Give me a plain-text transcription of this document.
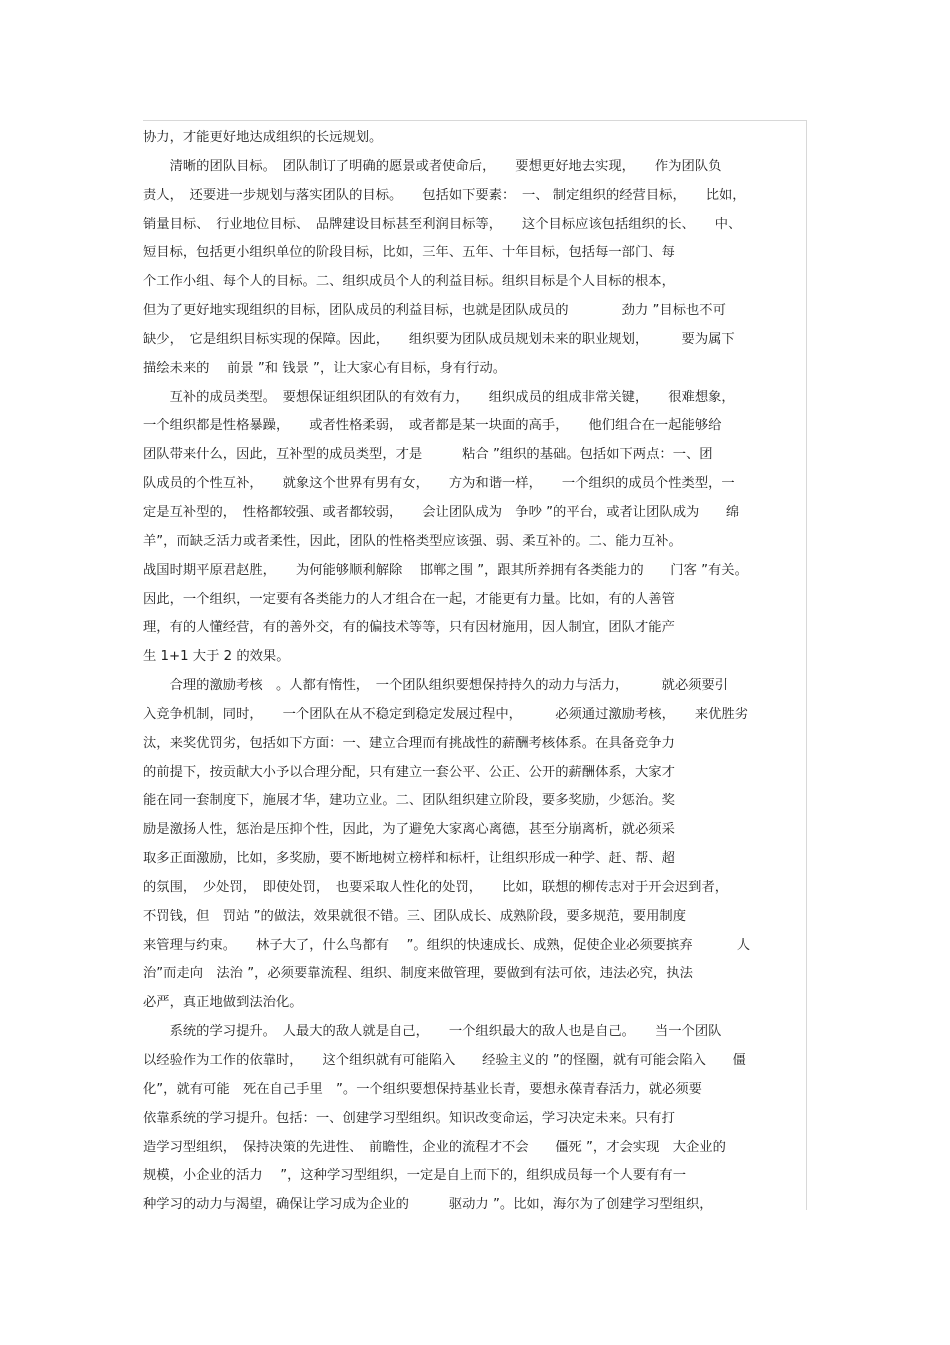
协力，才能更好地达成组织的长远规划。
　　清晰的团队目标。　团队制订了明确的愿景或者使命后，　　要想更好地去实现，　　作为团队负
责人，　还要进一步规划与落实团队的目标。　　包括如下要素：　一、 制定组织的经营目标，　　比如，
销量目标、　行业地位目标、　品牌建设目标甚至利润目标等，　　这个目标应该包括组织的长、　　中、
短目标，包括更小组织单位的阶段目标，比如，三年、五年、十年目标，包括每一部门、每
个工作小组、每个人的目标。二、组织成员个人的利益目标。组织目标是个人目标的根本，
但为了更好地实现组织的目标，团队成员的利益目标，也就是团队成员的　　　　劲力 ”目标也不可
缺少，　它是组织目标实现的保障。因此，　　组织要为团队成员规划未来的职业规划，　　　要为属下
描绘未来的　 前景 ”和 钱景 ”，让大家心有目标，身有行动。
　　互补的成员类型。　要想保证组织团队的有效有力，　　组织成员的组成非常关键，　　很难想象，
一个组织都是性格暴躁，　　或者性格柔弱，　或者都是某一块面的高手，　　他们组合在一起能够给
团队带来什么，因此，互补型的成员类型，才是　　　粘合 ”组织的基础。包括如下两点：一、团
队成员的个性互补，　　就象这个世界有男有女，　　方为和谐一样，　　一个组织的成员个性类型，一
定是互补型的，　性格都较强、或者都较弱，　　会让团队成为　争吵 ”的平台，或者让团队成为　　绵
羊”，而缺乏活力或者柔性，因此，团队的性格类型应该强、弱、柔互补的。二、能力互补。
战国时期平原君赵胜，　　为何能够顺利解除　 邯郸之围 ”，跟其所养拥有各类能力的　　门客 ”有关。
因此，一个组织，一定要有各类能力的人才组合在一起，才能更有力量。比如，有的人善管
理，有的人懂经营，有的善外交，有的偏技术等等，只有因材施用，因人制宜，团队才能产
生 1+1 大于 2 的效果。
　　合理的激励考核　。人都有惰性，　一个团队组织要想保持持久的动力与活力，　　　就必须要引
入竞争机制，同时，　　一个团队在从不稳定到稳定发展过程中，　　　必须通过激励考核，　　来优胜劣
汰，来奖优罚劣，包括如下方面：一、建立合理而有挑战性的薪酬考核体系。在具备竞争力
的前提下，按贡献大小予以合理分配，只有建立一套公平、公正、公开的薪酬体系，大家才
能在同一套制度下，施展才华，建功立业。二、团队组织建立阶段，要多奖励，少惩治。奖
励是激扬人性，惩治是压抑个性，因此，为了避免大家离心离德，甚至分崩离析，就必须采
取多正面激励，比如，多奖励，要不断地树立榜样和标杆，让组织形成一种学、赶、帮、超
的氛围，　少处罚，　即使处罚，　也要采取人性化的处罚，　　比如，联想的柳传志对于开会迟到者，
不罚钱，但　罚站 ”的做法，效果就很不错。三、团队成长、成熟阶段，要多规范，要用制度
来管理与约束。　　林子大了，什么鸟都有　 ”。组织的快速成长、成熟，促使企业必须要摈弃　　　 人
治”而走向　法治 ”，必须要靠流程、组织、制度来做管理，要做到有法可依，违法必究，执法
必严，真正地做到法治化。
　　系统的学习提升。　人最大的敌人就是自己，　　一个组织最大的敌人也是自己。　　当一个团队
以经验作为工作的依靠时，　　这个组织就有可能陷入　　经验主义的 ”的怪圈，就有可能会陷入　　僵
化”，就有可能　死在自己手里　”。一个组织要想保持基业长青，要想永葆青春活力，就必须要
依靠系统的学习提升。包括：一、创建学习型组织。知识改变命运，学习决定未来。只有打
造学习型组织，　保持决策的先进性、　前瞻性，企业的流程才不会　　僵死 ”，才会实现　大企业的
规模，小企业的活力　 ”，这种学习型组织，一定是自上而下的，组织成员每一个人要有有一
种学习的动力与渴望，确保让学习成为企业的　　　驱动力 ”。比如，海尔为了创建学习型组织，
